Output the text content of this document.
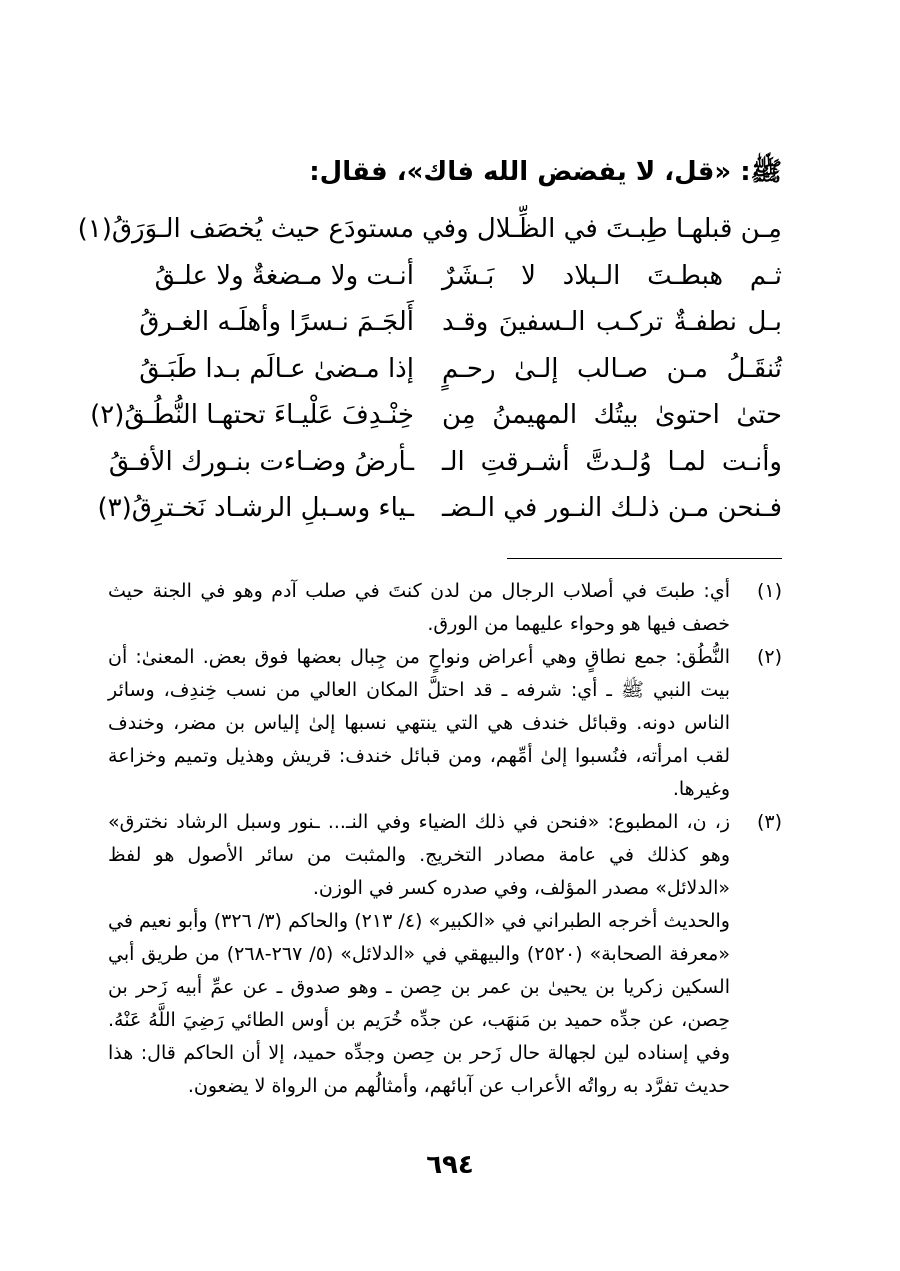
ﷺ: «قل، لا يفضض الله فاك»، فقال:
مِـن قبلهـا طِبـتَ في الظِّـلال وفي
مستودَع حيث يُخصَف الـوَرَقُ(١)
ثـم هبطـتَ الـبلاد لا بَـشَرٌ
أنـت ولا مـضغةٌ ولا علـقُ
بـل نطفـةٌ تركـب الـسفينَ وقـد
أَلجَـمَ نـسرًا وأهلَـه الغـرقُ
تُنقَـلُ مـن صـالب إلـىٰ رحـمٍ
إذا مـضىٰ عـالَم بـدا طَبَـقُ
حتىٰ احتوىٰ بيتُك المهيمنُ مِن
خِنْـدِفَ عَلْيـاءَ تحتهـا النُّطُـقُ(٢)
وأنـت لمـا وُلـدتَّ أشـرقتِ الـ
ـأرضُ وضـاءت بنـورك الأفـقُ
فـنحن مـن ذلـك النـور في الـضـ
ـياء وسـبلِ الرشـاد نَخـترِقُ(٣)
(١)

أي: طبتَ في أصلاب الرجال من لدن كنتَ في صلب آدم وهو في الجنة حيث خصف فيها هو وحواء عليهما من الورق.

(٢)

النُّطُق: جمع نطاقٍ وهي أعراض ونواحٍ من جِبال بعضها فوق بعض. المعنىٰ: أن بيت النبي ﷺ ـ أي: شرفه ـ قد احتلَّ المكان العالي من نسب خِندِف، وسائر الناس دونه. وقبائل خندف هي التي ينتهي نسبها إلىٰ إلياس بن مضر، وخندف لقب امرأته، فنُسبوا إلىٰ أمِّهم، ومن قبائل خندف: قريش وهذيل وتميم وخزاعة وغيرها.

(٣)

ز، ن، المطبوع: «فنحن في ذلك الضياء وفي النـ... ـنور وسبل الرشاد نخترق» وهو كذلك في عامة مصادر التخريج. والمثبت من سائر الأصول هو لفظ «الدلائل» مصدر المؤلف، وفي صدره كسر في الوزن.

والحديث أخرجه الطبراني في «الكبير» (٤/ ٢١٣) والحاكم (٣/ ٣٢٦) وأبو نعيم في «معرفة الصحابة» (٢٥٢٠) والبيهقي في «الدلائل» (٥/ ٢٦٧-٢٦٨) من طريق أبي السكين زكريا بن يحيىٰ بن عمر بن حِصن ـ وهو صدوق ـ عن عمِّ أبيه زَحر بن حِصن، عن جدِّه حميد بن مَنهَب، عن جدِّه خُرَيم بن أوس الطائي رَضِيَ اللَّهُ عَنْهُ. وفي إسناده لين لجهالة حال زَحر بن حِصن وجدِّه حميد، إلا أن الحاكم قال: هذا حديث تفرَّد به رواتُه الأعراب عن آبائهم، وأمثالُهم من الرواة لا يضعون.

٦٩٤
